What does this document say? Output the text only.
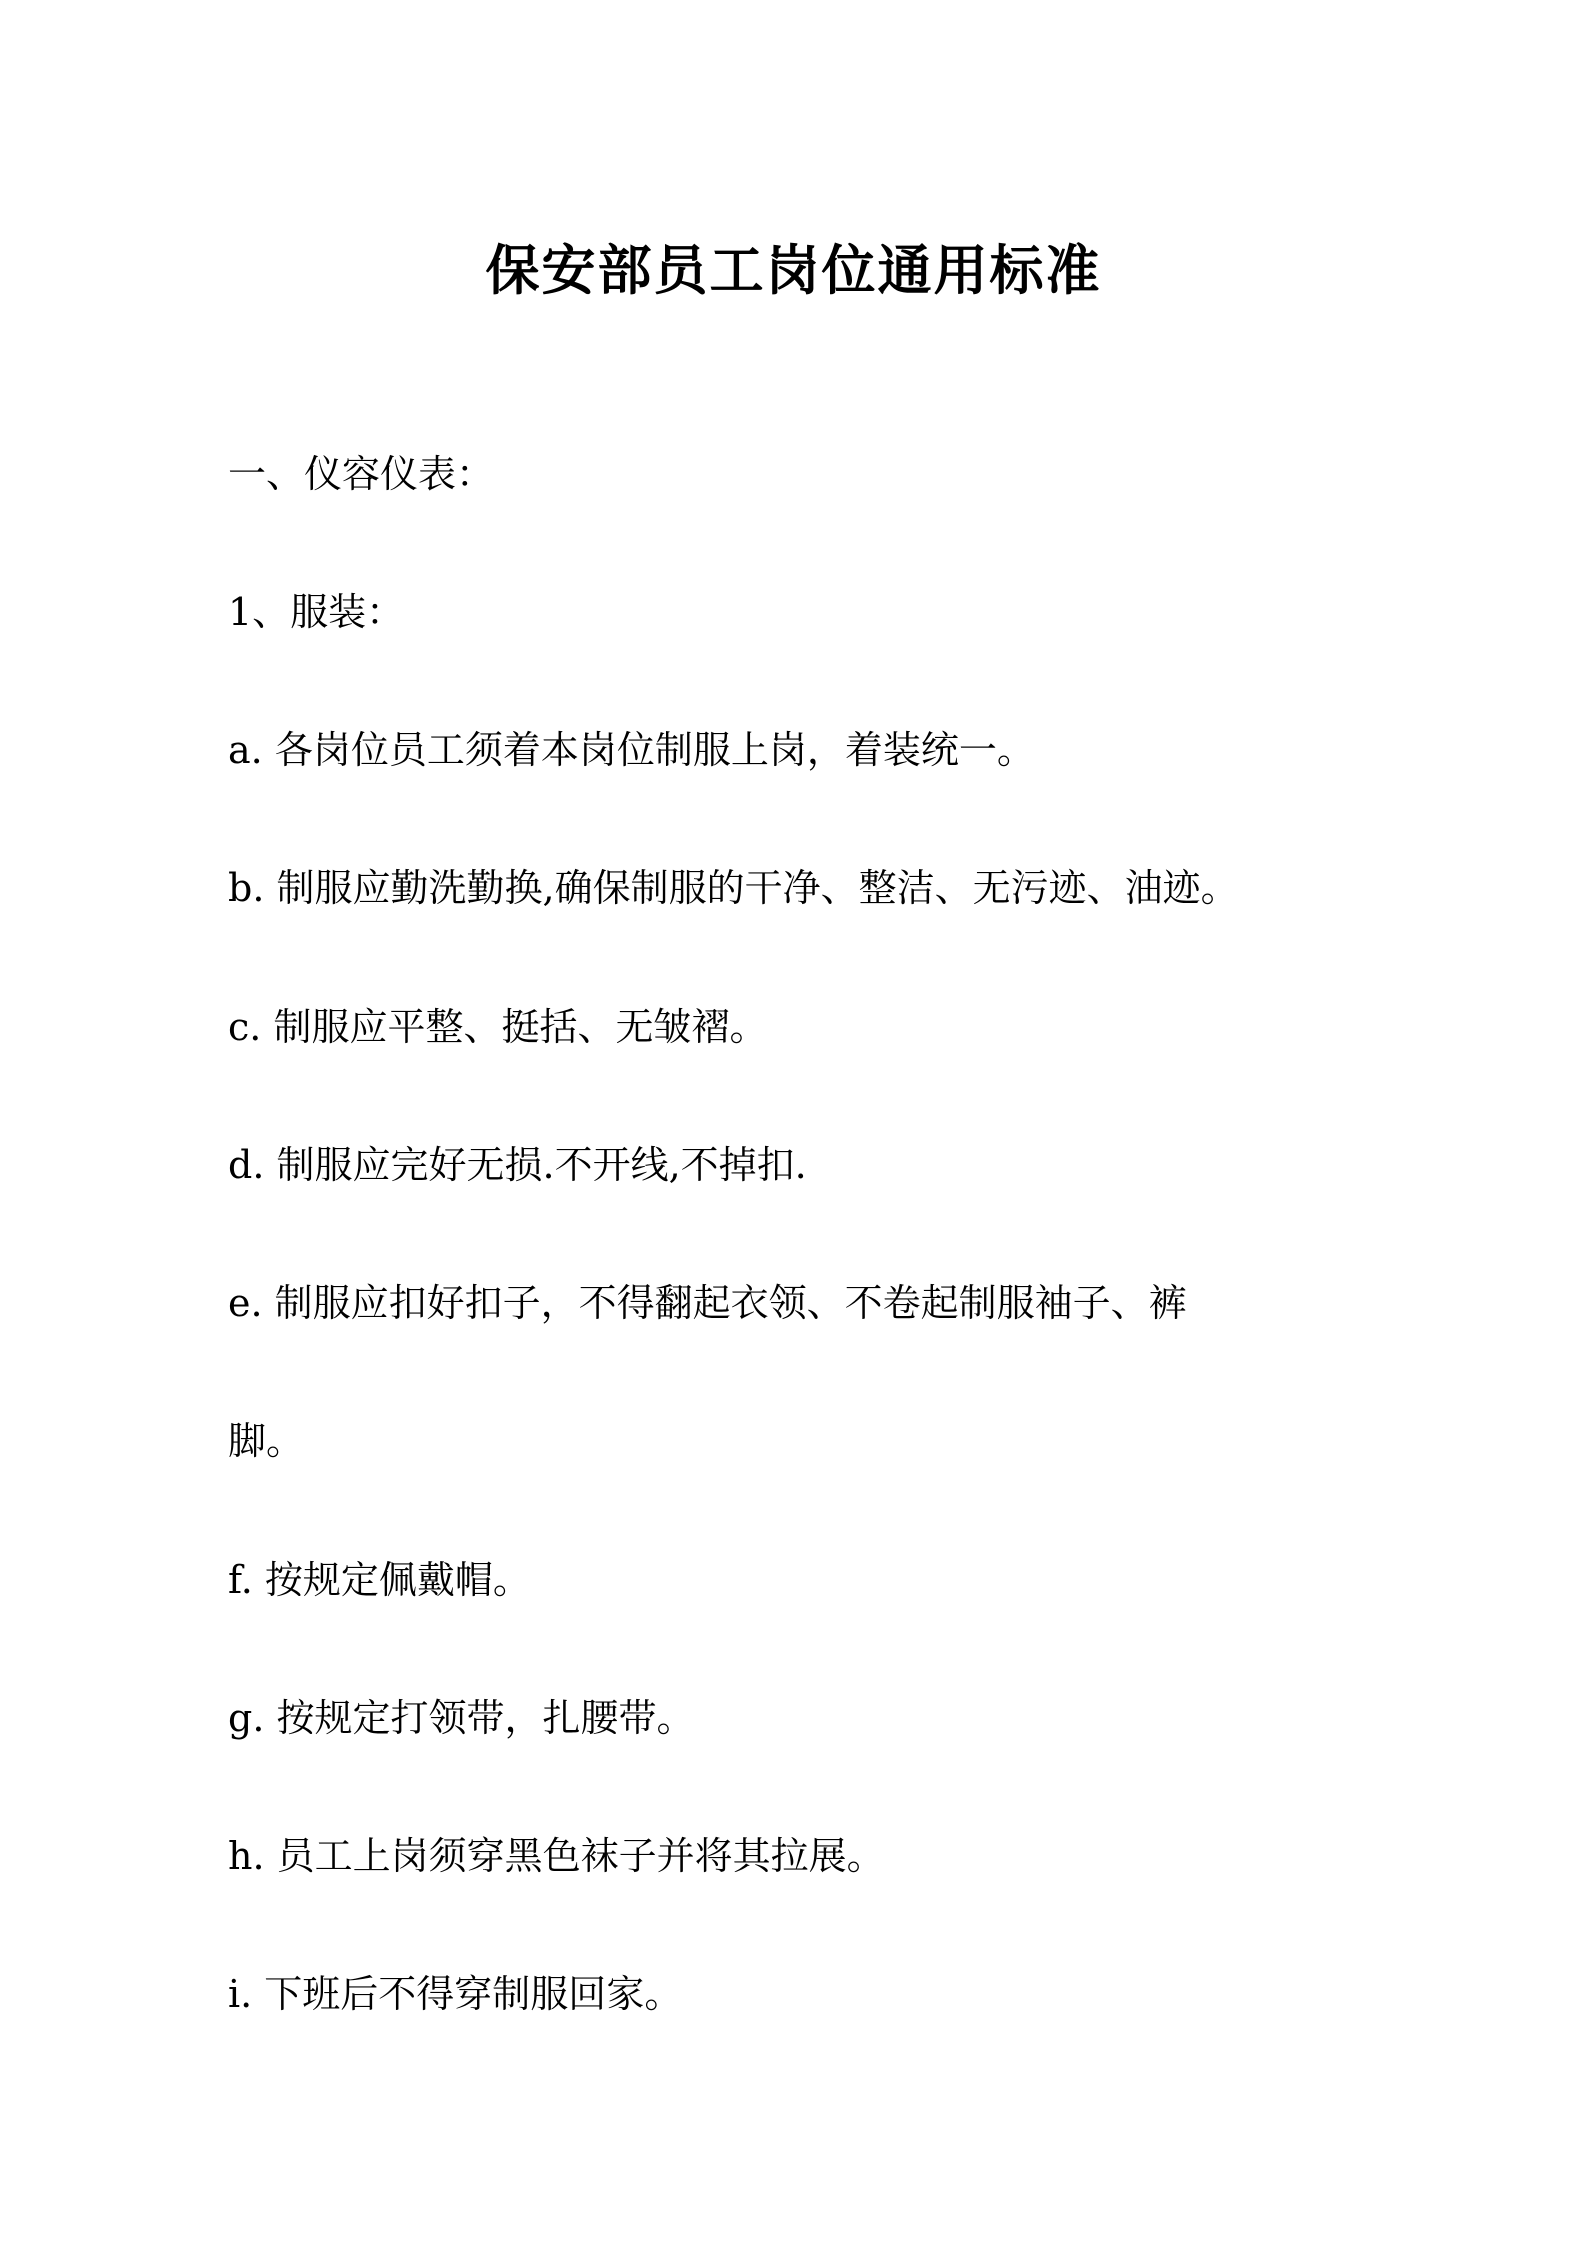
保安部员工岗位通用标准
一、仪容仪表：
1、服装：
a. 各岗位员工须着本岗位制服上岗，着装统一。
b. 制服应勤洗勤换,确保制服的干净、整洁、无污迹、油迹。
c. 制服应平整、挺括、无皱褶。
d. 制服应完好无损.不开线,不掉扣.
e. 制服应扣好扣子，不得翻起衣领、不卷起制服袖子、裤
脚。
f. 按规定佩戴帽。
g. 按规定打领带，扎腰带。
h. 员工上岗须穿黑色袜子并将其拉展。
i. 下班后不得穿制服回家。
